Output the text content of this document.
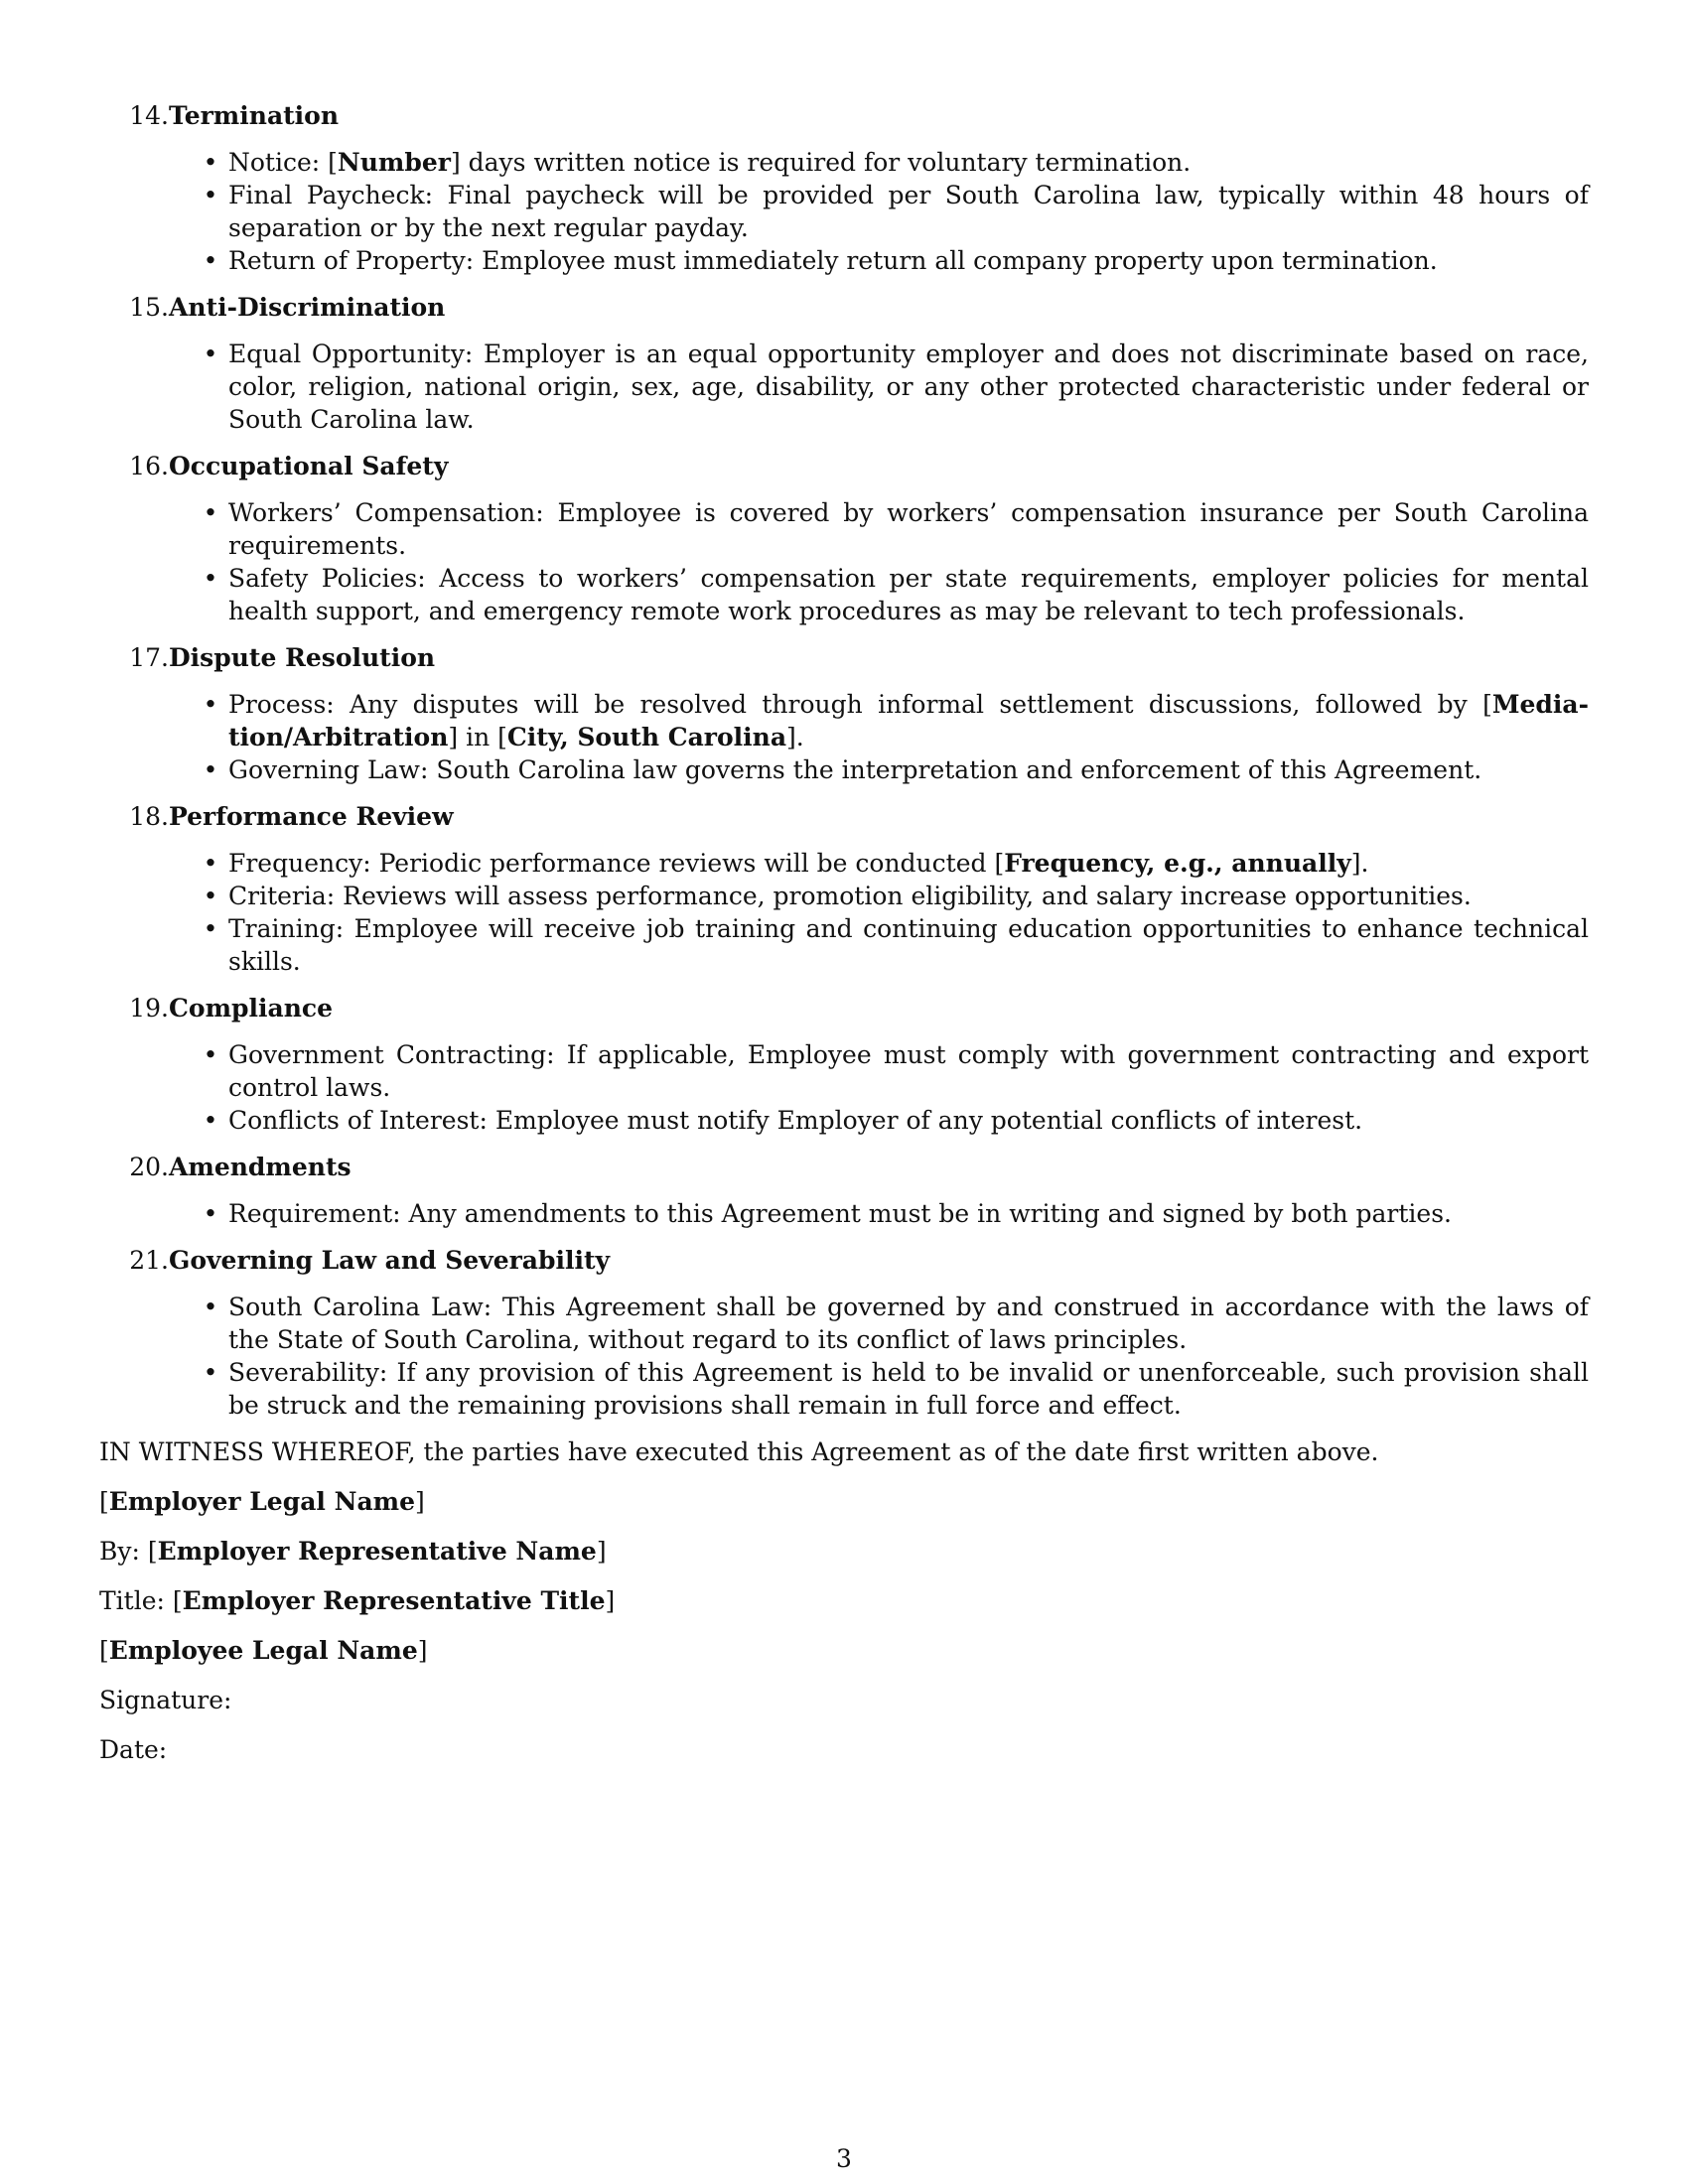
14. Termination
• Notice: [Number] days written notice is required for voluntary termination.
• Final Paycheck: Final paycheck will be provided per South Carolina law, typically within 48 hours of separation or by the next regular payday.
• Return of Property: Employee must immediately return all company property upon termination.
15. Anti-Discrimination
• Equal Opportunity: Employer is an equal opportunity employer and does not discriminate based on race, color, religion, national origin, sex, age, disability, or any other protected characteristic under federal or South Carolina law.
16. Occupational Safety
• Workers’ Compensation: Employee is covered by workers’ compensation insurance per South Carolina requirements.
• Safety Policies: Access to workers’ compensation per state requirements, employer policies for mental health support, and emergency remote work procedures as may be relevant to tech professionals.
17. Dispute Resolution
• Process: Any disputes will be resolved through informal settlement discussions, followed by [Mediation/Arbitration] in [City, South Carolina].
• Governing Law: South Carolina law governs the interpretation and enforcement of this Agreement.
18. Performance Review
• Frequency: Periodic performance reviews will be conducted [Frequency, e.g., annually].
• Criteria: Reviews will assess performance, promotion eligibility, and salary increase opportunities.
• Training: Employee will receive job training and continuing education opportunities to enhance technical skills.
19. Compliance
• Government Contracting: If applicable, Employee must comply with government contracting and export control laws.
• Conflicts of Interest: Employee must notify Employer of any potential conflicts of interest.
20. Amendments
• Requirement: Any amendments to this Agreement must be in writing and signed by both parties.
21. Governing Law and Severability
• South Carolina Law: This Agreement shall be governed by and construed in accordance with the laws of the State of South Carolina, without regard to its conflict of laws principles.
• Severability: If any provision of this Agreement is held to be invalid or unenforceable, such provision shall be struck and the remaining provisions shall remain in full force and effect.

IN WITNESS WHEREOF, the parties have executed this Agreement as of the date first written above.

[Employer Legal Name]

By: [Employer Representative Name]

Title: [Employer Representative Title]

[Employee Legal Name]

Signature:

Date:

3
